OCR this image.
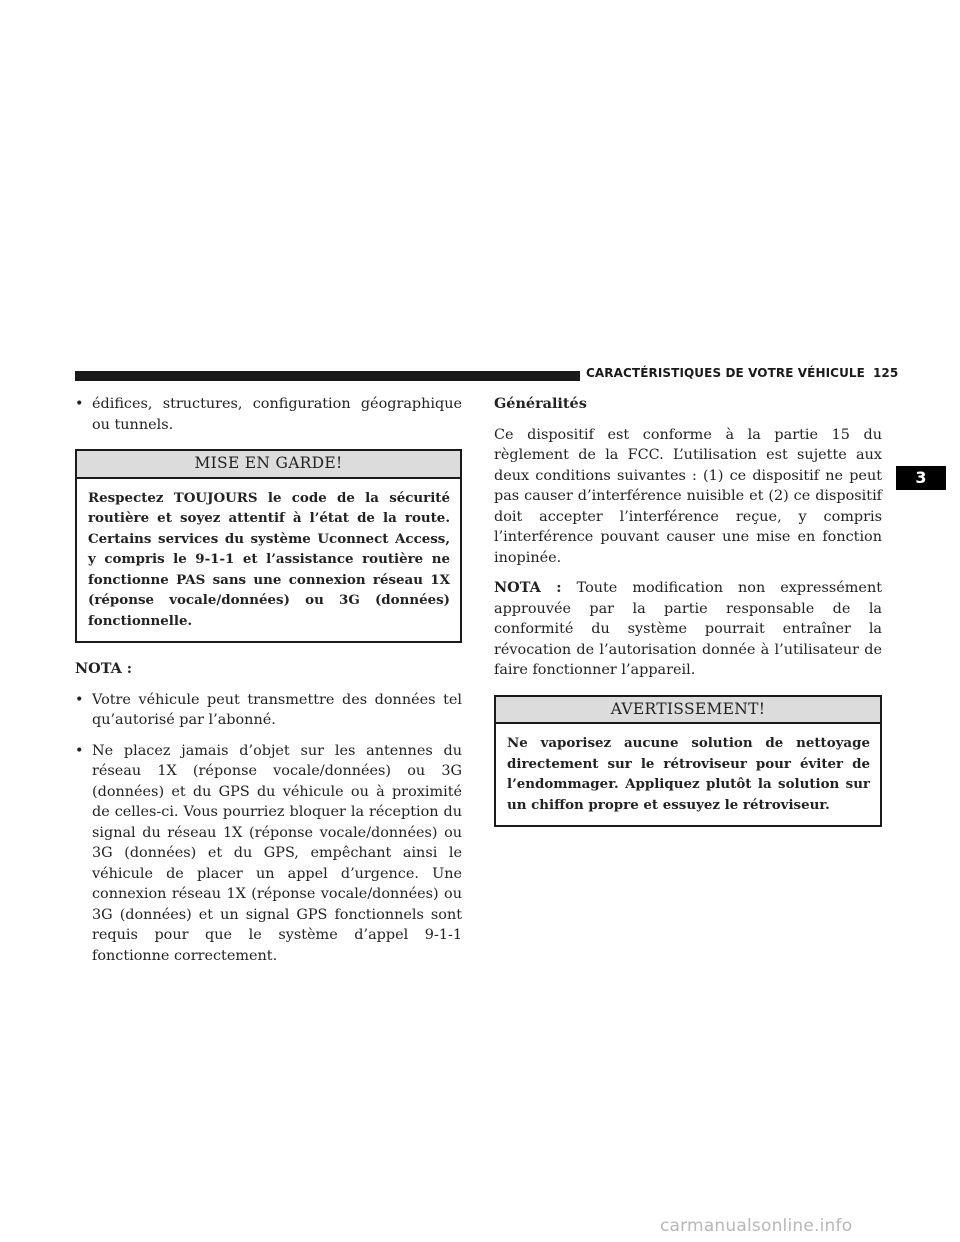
CARACTÉRISTIQUES DE VOTRE VÉHICULE 125
3
• édifices, structures, configuration géographique ou tunnels.
MISE EN GARDE!
Respectez TOUJOURS le code de la sécurité routière et soyez attentif à l’état de la route. Certains services du système Uconnect Access, y compris le 9-1-1 et l’assistance routière ne fonctionne PAS sans une connexion réseau 1X (réponse vocale/données) ou 3G (données) fonctionnelle.
NOTA :
• Votre véhicule peut transmettre des données tel qu’autorisé par l’abonné.
• Ne placez jamais d’objet sur les antennes du réseau 1X (réponse vocale/données) ou 3G (données) et du GPS du véhicule ou à proximité de celles-ci. Vous pourriez bloquer la réception du signal du réseau 1X (réponse vocale/données) ou 3G (données) et du GPS, empêchant ainsi le véhicule de placer un appel d’urgence. Une connexion réseau 1X (réponse vocale/données) ou 3G (données) et un signal GPS fonctionnels sont requis pour que le système d’appel 9-1-1 fonctionne correctement.
Généralités

Ce dispositif est conforme à la partie 15 du règlement de la FCC. L’utilisation est sujette aux deux conditions suivantes : (1) ce dispositif ne peut pas causer d’interférence nuisible et (2) ce dispositif doit accepter l’interférence reçue, y compris l’interférence pouvant causer une mise en fonction inopinée.

NOTA : Toute modification non expressément approuvée par la partie responsable de la conformité du système pourrait entraîner la révocation de l’autorisation donnée à l’utilisateur de faire fonctionner l’appareil.

AVERTISSEMENT!
Ne vaporisez aucune solution de nettoyage directement sur le rétroviseur pour éviter de l’endommager. Appliquez plutôt la solution sur un chiffon propre et essuyez le rétroviseur.
carmanualsonline.info
